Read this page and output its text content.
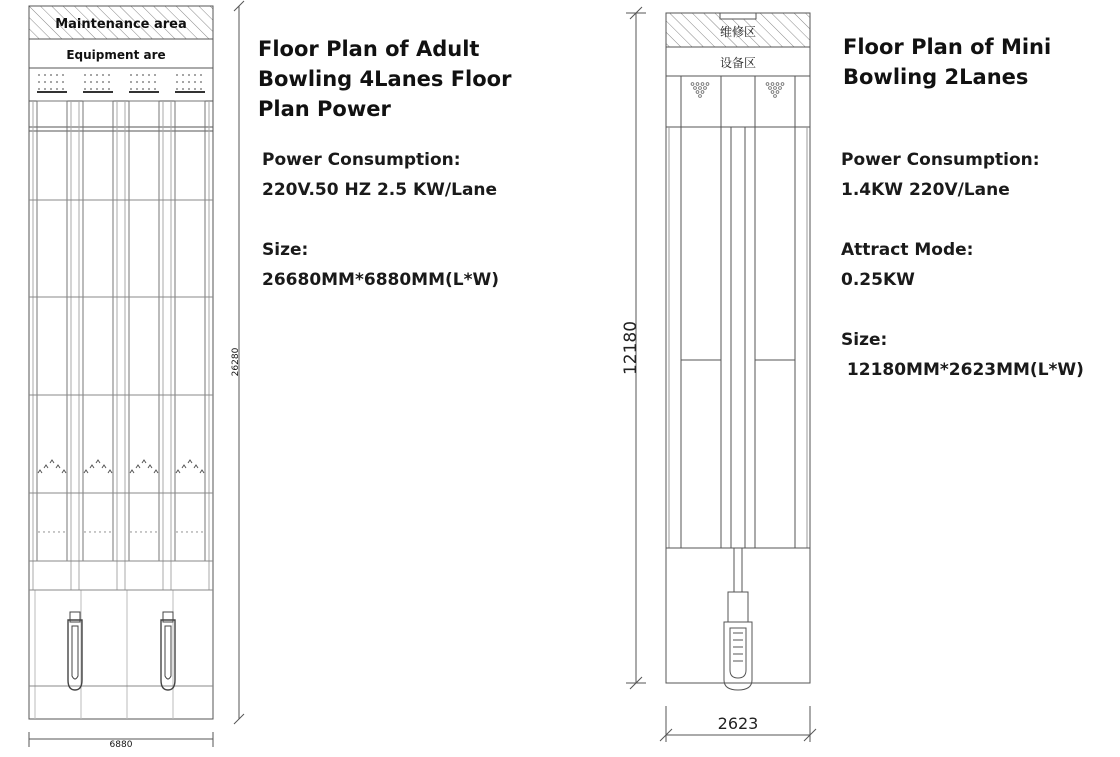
Maintenance area
Equipment are
26280
6880
维修区
设备区
12180
2623
Floor Plan of Adult
Bowling 4Lanes Floor
Plan Power
Power Consumption:
220V.50 HZ 2.5 KW/Lane
Size:
26680MM*6880MM(L*W)
Floor Plan of Mini
Bowling 2Lanes
Power Consumption:
1.4KW 220V/Lane
Attract Mode:
0.25KW
Size:
12180MM*2623MM(L*W)
